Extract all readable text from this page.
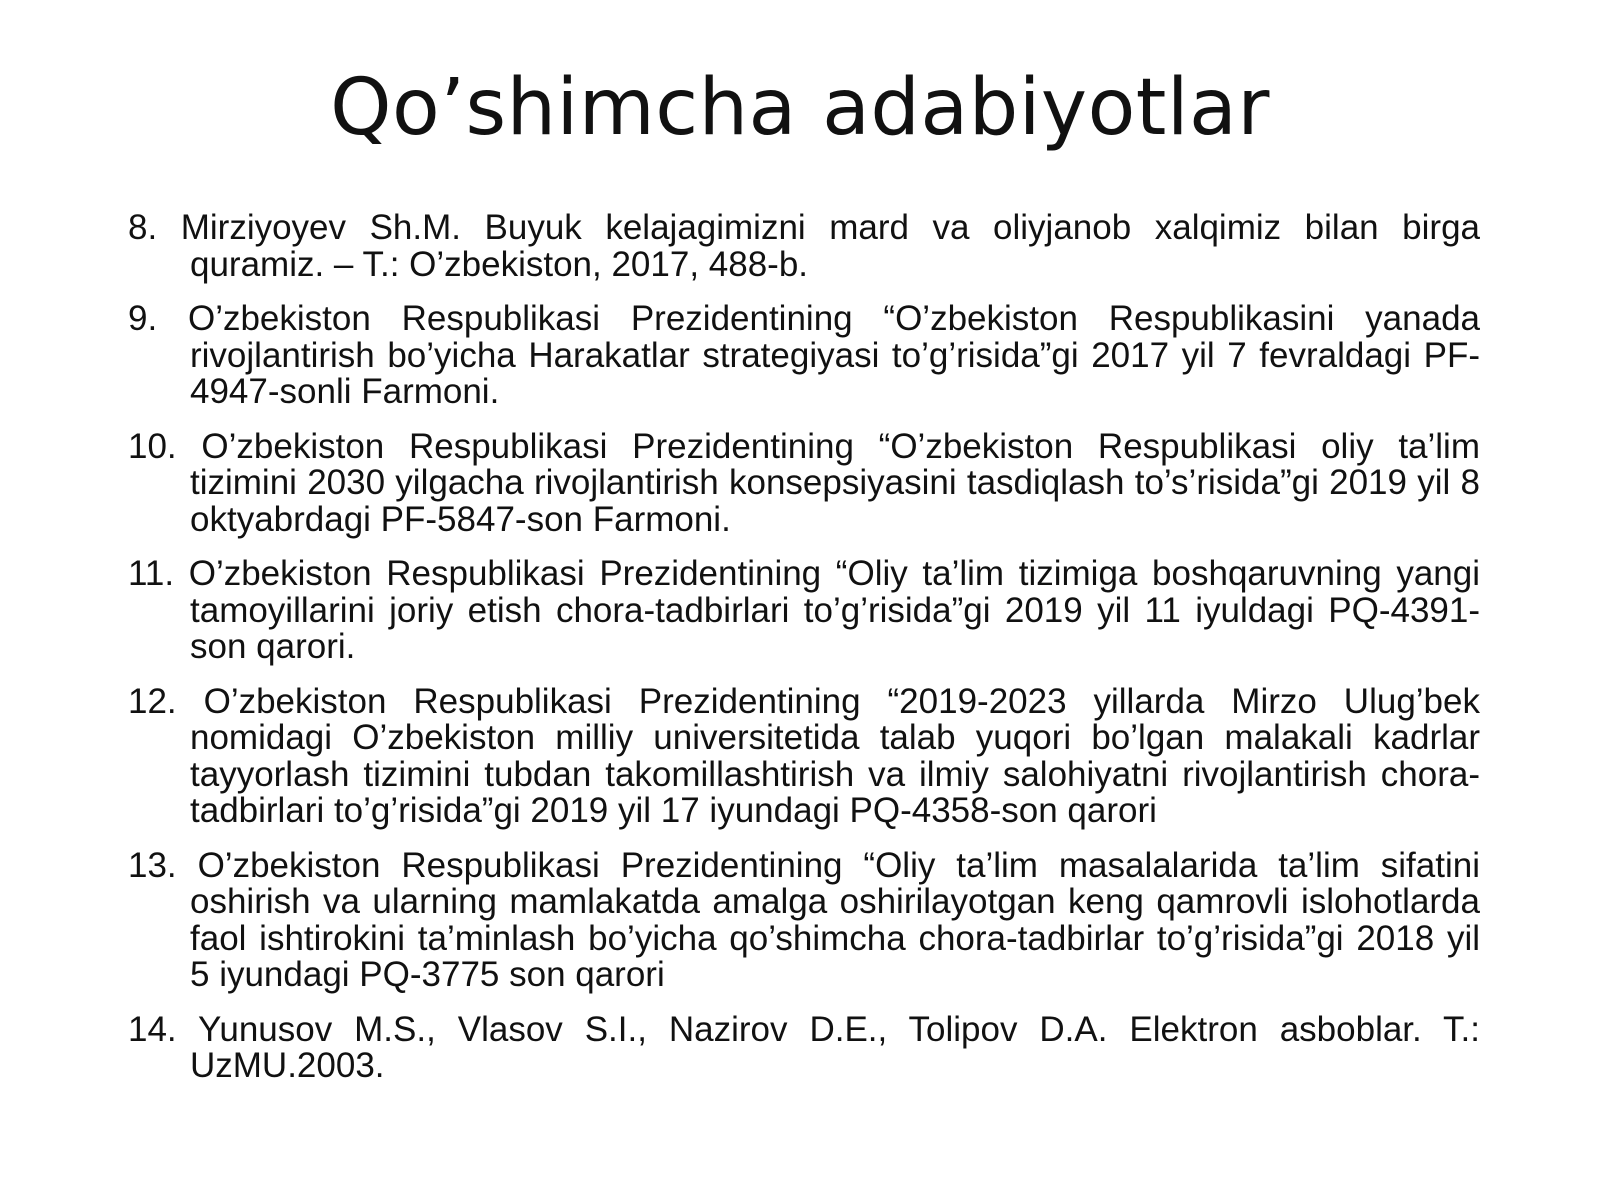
Qo’shimcha adabiyotlar
8. Mirziyoyev Sh.M. Buyuk kelajagimizni mard va oliyjanob xalqimiz bilan birga quramiz. – T.: O’zbekiston, 2017, 488-b.
9. O’zbekiston Respublikasi Prezidentining “O’zbekiston Respublikasini yanada rivojlantirish bo’yicha Harakatlar strategiyasi to’g’risida”gi 2017 yil 7 fevraldagi PF-4947-sonli Farmoni.
10. O’zbekiston Respublikasi Prezidentining “O’zbekiston Respublikasi oliy ta’lim tizimini 2030 yilgacha rivojlantirish konsepsiyasini tasdiqlash to’s’risida”gi 2019 yil 8 oktyabrdagi PF-5847-son Farmoni.
11. O’zbekiston Respublikasi Prezidentining “Oliy ta’lim tizimiga boshqaruvning yangi tamoyillarini joriy etish chora-tadbirlari to’g’risida”gi 2019 yil 11 iyuldagi PQ-4391-son qarori.
12. O’zbekiston Respublikasi Prezidentining “2019-2023 yillarda Mirzo Ulug’bek nomidagi O’zbekiston milliy universitetida talab yuqori bo’lgan malakali kadrlar tayyorlash tizimini tubdan takomillashtirish va ilmiy salohiyatni rivojlantirish chora-tadbirlari to’g’risida”gi 2019 yil 17 iyundagi PQ-4358-son qarori
13. O’zbekiston Respublikasi Prezidentining “Oliy ta’lim masalalarida ta’lim sifatini oshirish va ularning mamlakatda amalga oshirilayotgan keng qamrovli islohotlarda faol ishtirokini ta’minlash bo’yicha qo’shimcha chora-tadbirlar to’g’risida”gi 2018 yil 5 iyundagi PQ-3775 son qarori
14. Yunusov M.S., Vlasov S.I., Nazirov D.E., Tolipov D.A. Elektron asboblar. T.: UzMU.2003.
